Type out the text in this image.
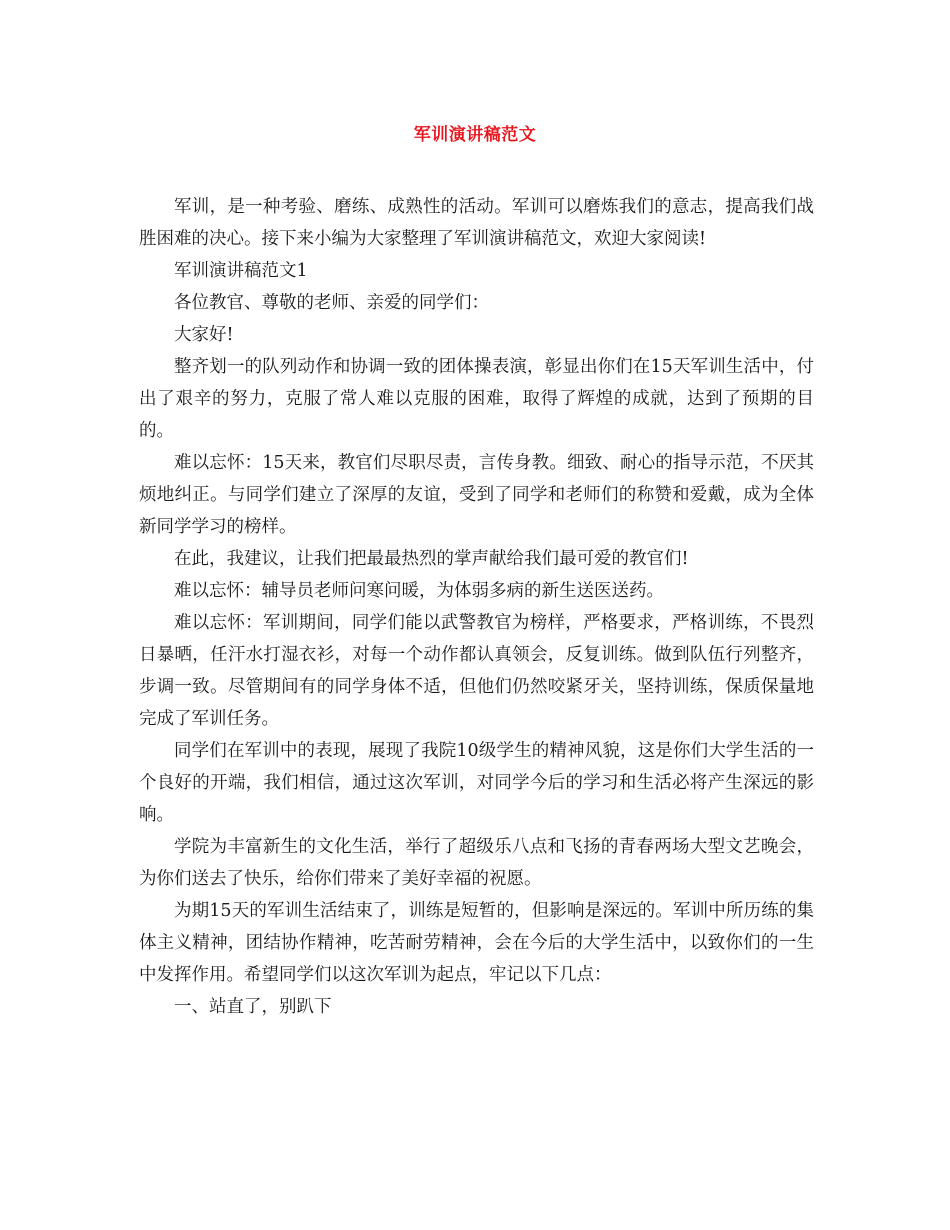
军训演讲稿范文

军训，是一种考验、磨练、成熟性的活动。军训可以磨炼我们的意志，提高我们战胜困难的决心。接下来小编为大家整理了军训演讲稿范文，欢迎大家阅读!

军训演讲稿范文1

各位教官、尊敬的老师、亲爱的同学们：

大家好!

整齐划一的队列动作和协调一致的团体操表演，彰显出你们在15天军训生活中，付出了艰辛的努力，克服了常人难以克服的困难，取得了辉煌的成就，达到了预期的目的。

难以忘怀：15天来，教官们尽职尽责，言传身教。细致、耐心的指导示范，不厌其烦地纠正。与同学们建立了深厚的友谊，受到了同学和老师们的称赞和爱戴，成为全体新同学学习的榜样。

在此，我建议，让我们把最最热烈的掌声献给我们最可爱的教官们!

难以忘怀：辅导员老师问寒问暖，为体弱多病的新生送医送药。

难以忘怀：军训期间，同学们能以武警教官为榜样，严格要求，严格训练，不畏烈日暴晒，任汗水打湿衣衫，对每一个动作都认真领会，反复训练。做到队伍行列整齐，步调一致。尽管期间有的同学身体不适，但他们仍然咬紧牙关，坚持训练，保质保量地完成了军训任务。

同学们在军训中的表现，展现了我院10级学生的精神风貌，这是你们大学生活的一个良好的开端，我们相信，通过这次军训，对同学今后的学习和生活必将产生深远的影响。

学院为丰富新生的文化生活，举行了超级乐八点和飞扬的青春两场大型文艺晚会，为你们送去了快乐，给你们带来了美好幸福的祝愿。

为期15天的军训生活结束了，训练是短暂的，但影响是深远的。军训中所历练的集体主义精神，团结协作精神，吃苦耐劳精神，会在今后的大学生活中，以致你们的一生中发挥作用。希望同学们以这次军训为起点，牢记以下几点：

一、站直了，别趴下
